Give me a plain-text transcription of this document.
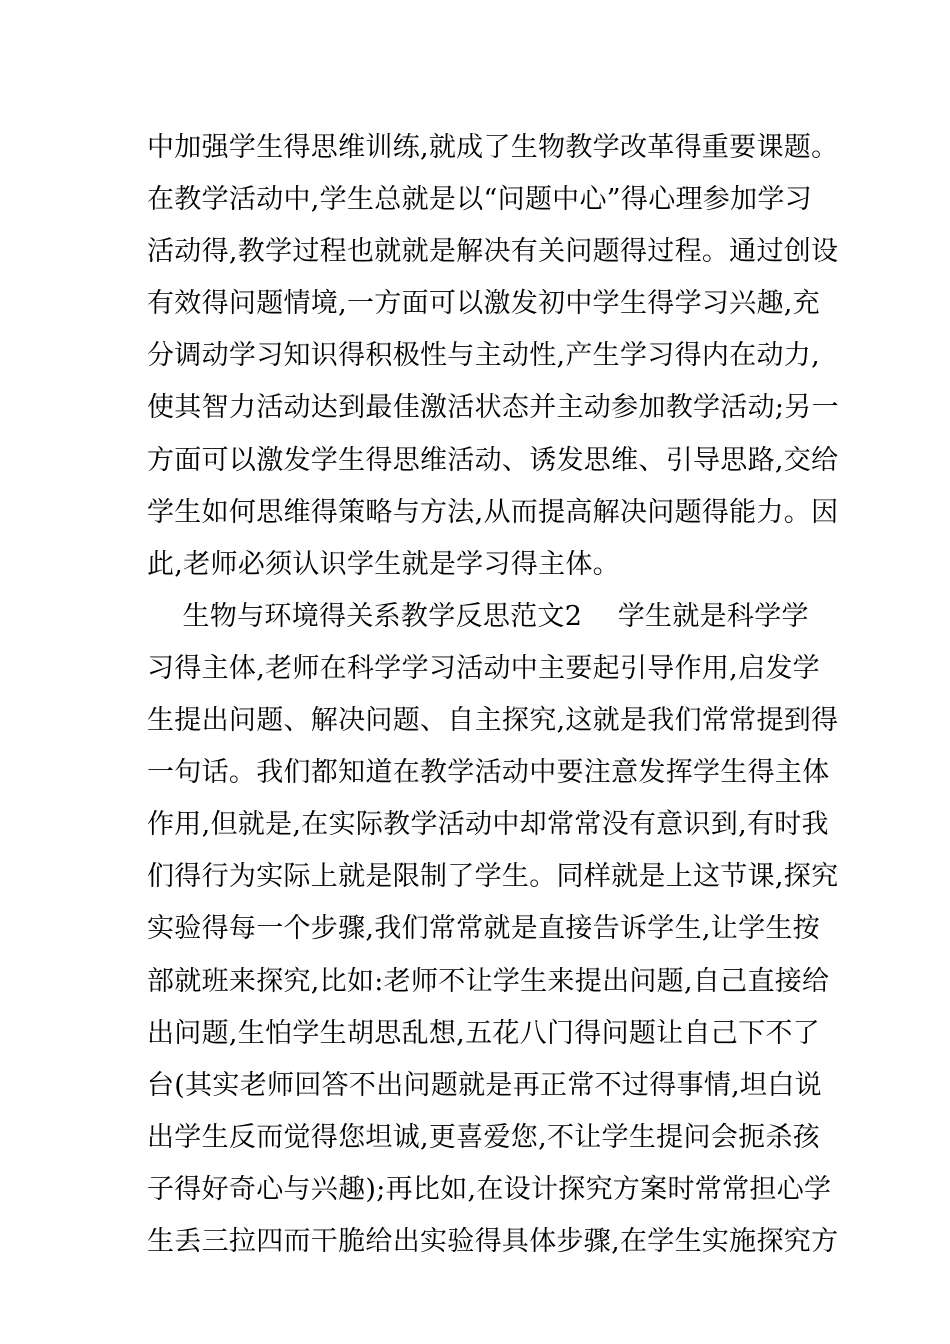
中加强学生得思维训练,就成了生物教学改革得重要课题。
在教学活动中,学生总就是以“问题中心”得心理参加学习
活动得,教学过程也就就是解决有关问题得过程。通过创设
有效得问题情境,一方面可以激发初中学生得学习兴趣,充
分调动学习知识得积极性与主动性,产生学习得内在动力,
使其智力活动达到最佳激活状态并主动参加教学活动;另一
方面可以激发学生得思维活动、诱发思维、引导思路,交给
学生如何思维得策略与方法,从而提高解决问题得能力。因
此,老师必须认识学生就是学习得主体。
生物与环境得关系教学反思范文2    学生就是科学学
习得主体,老师在科学学习活动中主要起引导作用,启发学
生提出问题、解决问题、自主探究,这就是我们常常提到得
一句话。我们都知道在教学活动中要注意发挥学生得主体
作用,但就是,在实际教学活动中却常常没有意识到,有时我
们得行为实际上就是限制了学生。同样就是上这节课,探究
实验得每一个步骤,我们常常就是直接告诉学生,让学生按
部就班来探究,比如:老师不让学生来提出问题,自己直接给
出问题,生怕学生胡思乱想,五花八门得问题让自己下不了
台(其实老师回答不出问题就是再正常不过得事情,坦白说
出学生反而觉得您坦诚,更喜爱您,不让学生提问会扼杀孩
子得好奇心与兴趣);再比如,在设计探究方案时常常担心学
生丢三拉四而干脆给出实验得具体步骤,在学生实施探究方
